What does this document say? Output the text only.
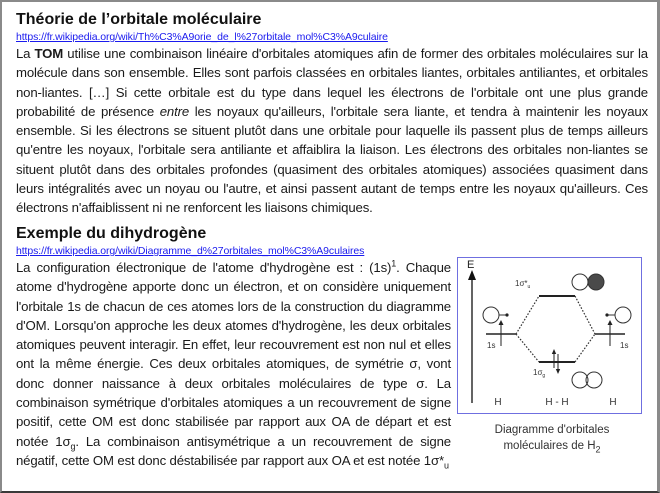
Théorie de l’orbitale moléculaire
https://fr.wikipedia.org/wiki/Th%C3%A9orie_de_l%27orbitale_mol%C3%A9culaire

La TOM utilise une combinaison linéaire d'orbitales atomiques afin de former des orbitales moléculaires sur la molécule dans son ensemble. Elles sont parfois classées en orbitales liantes, orbitales antiliantes, et orbitales non-liantes. […] Si cette orbitale est du type dans lequel les électrons de l'orbitale ont une plus grande probabilité de présence entre les noyaux qu'ailleurs, l'orbitale sera liante, et tendra à maintenir les noyaux ensemble. Si les électrons se situent plutôt dans une orbitale pour laquelle ils passent plus de temps ailleurs qu'entre les noyaux, l'orbitale sera antiliante et affaiblira la liaison. Les électrons des orbitales non-liantes se situent plutôt dans des orbitales profondes (quasiment des orbitales atomiques) associées quasiment dans leurs intégralités avec un noyau ou l'autre, et ainsi passent autant de temps entre les noyaux qu'ailleurs. Ces électrons n'affaiblissent ni ne renforcent les liaisons chimiques.

Exemple du dihydrogène
https://fr.wikipedia.org/wiki/Diagramme_d%27orbitales_mol%C3%A9culaires

La configuration électronique de l'atome d'hydrogène est : $(1s)^1$. Chaque atome d'hydrogène apporte donc un électron, et on considère uniquement l'orbitale 1s de chacun de ces atomes lors de la construction du diagramme d'OM. Lorsqu'on approche les deux atomes d'hydrogène, les deux orbitales atomiques peuvent interagir. En effet, leur recouvrement est non nul et elles ont la même énergie. Ces deux orbitales atomiques, de symétrie σ, vont donc donner naissance à deux orbitales moléculaires de type σ. La combinaison symétrique d'orbitales atomiques a un recouvrement de signe positif, cette OM est donc stabilisée par rapport aux OA de départ et est notée $1\sigma_g$. La combinaison antisymétrique a un recouvrement de signe négatif, cette OM est donc déstabilisée par rapport aux OA et est notée $1\sigma*_u$

E
$1\sigma*_u$
1s	1s
$1\sigma_g$
H	H - H	H
Diagramme d'orbitales
moléculaires de $H_2$
